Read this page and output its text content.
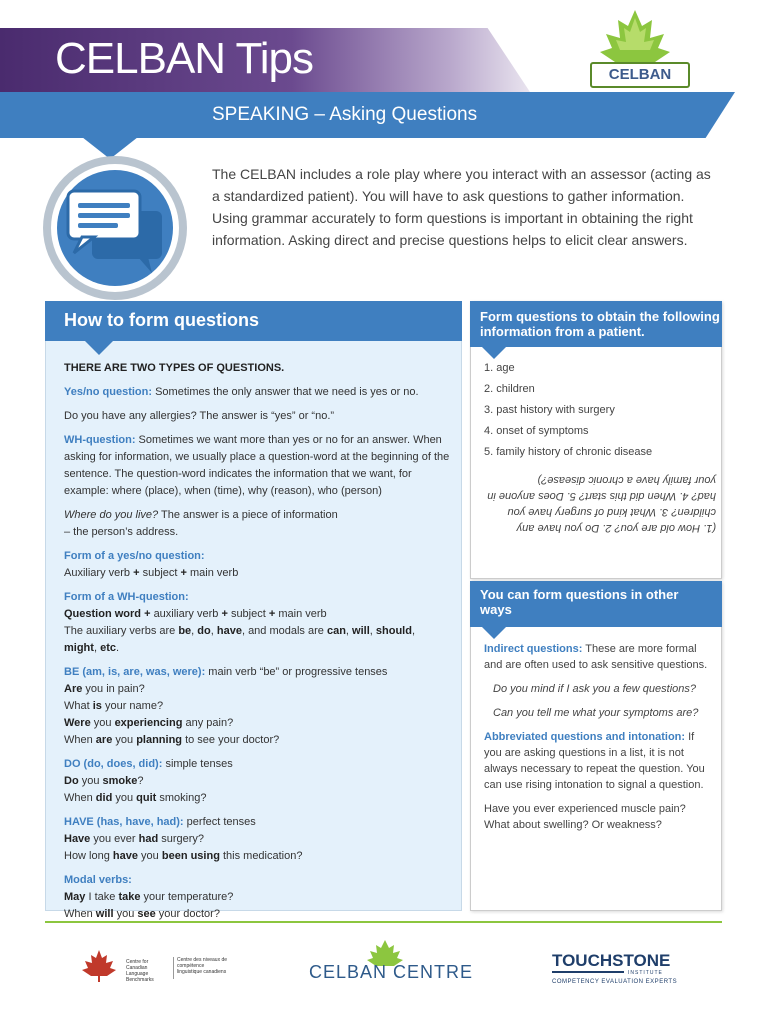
CELBAN Tips
SPEAKING – Asking Questions
CELBAN
The CELBAN includes a role play where you interact with an assessor (acting as a standardized patient). You will have to ask questions to gather information. Using grammar accurately to form questions is important in obtaining the right information. Asking direct and precise questions helps to elicit clear answers.
How to form questions

THERE ARE TWO TYPES OF QUESTIONS.

Yes/no question: Sometimes the only answer that we need is yes or no.

Do you have any allergies? The answer is “yes” or “no.”

WH-question: Sometimes we want more than yes or no for an answer. When asking for information, we usually place a question-word at the beginning of the sentence. The question-word indicates the information that we want, for example: where (place), when (time), why (reason), who (person)

Where do you live? The answer is a piece of information
– the person’s address.

Form of a yes/no question:
Auxiliary verb + subject + main verb

Form of a WH-question:
Question word + auxiliary verb + subject + main verb
The auxiliary verbs are be, do, have, and modals are can, will, should,
might, etc.

BE (am, is, are, was, were): main verb “be” or progressive tenses
Are you in pain?
What is your name?
Were you experiencing any pain?
When are you planning to see your doctor?

DO (do, does, did): simple tenses
Do you smoke?
When did you quit smoking?

HAVE (has, have, had): perfect tenses
Have you ever had surgery?
How long have you been using this medication?

Modal verbs:
May I take take your temperature?
When will you see your doctor?

Form questions to obtain the following information from a patient.
1. age
2. children
3. past history with surgery
4. onset of symptoms
5. family history of chronic disease
(1. How old are you? 2. Do you have any children? 3. What kind of surgery have you had? 4. When did this start? 5. Does anyone in your family have a chronic disease?)
You can form questions in other ways

Indirect questions: These are more formal and are often used to ask sensitive questions.

Do you mind if I ask you a few questions?

Can you tell me what your symptoms are?

Abbreviated questions and intonation: If you are asking questions in a list, it is not always necessary to repeat the question. You can use rising intonation to signal a question.

Have you ever experienced muscle pain? What about swelling? Or weakness?

Centre for Canadian Language Benchmarks
Centre des niveaux de compétence linguistique canadiens	CELBAN CENTRE
TOUCHSTONE
INSTITUTE
COMPETENCY EVALUATION EXPERTS
